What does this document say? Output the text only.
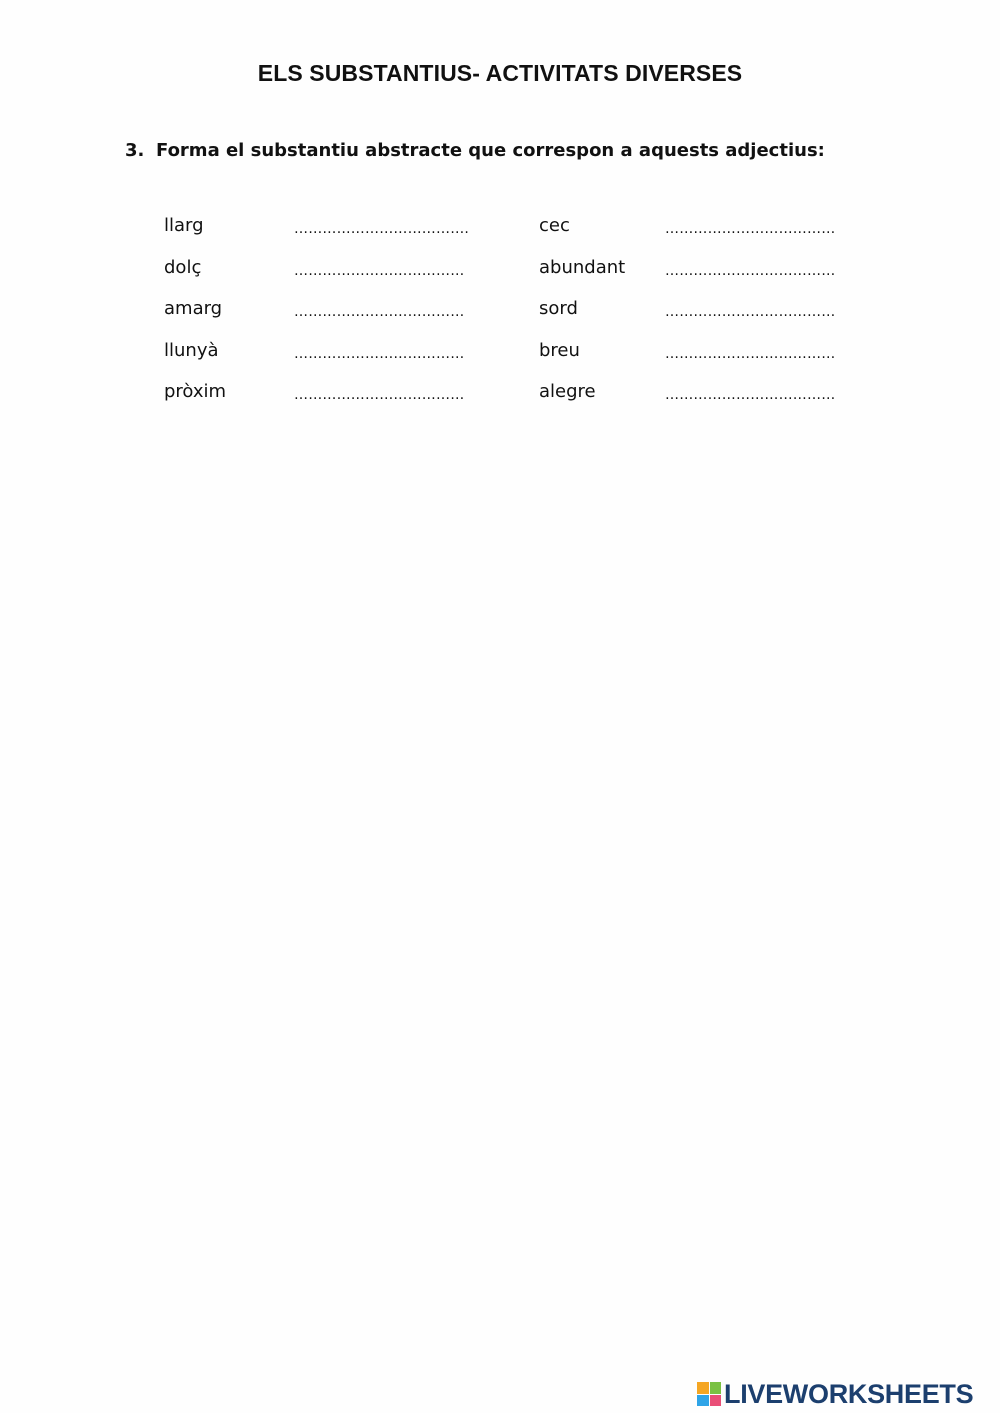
ELS SUBSTANTIUS- ACTIVITATS DIVERSES

3. Forma el substantiu abstracte que correspon a aquests adjectius:

llarg	……………………………….	cec	………………………………
dolç	………………………………	abundant	………………………………
amarg	………………………………	sord	………………………………
llunyà	………………………………	breu	………………………………
pròxim	………………………………	alegre	………………………………
LIVEWORKSHEETS
